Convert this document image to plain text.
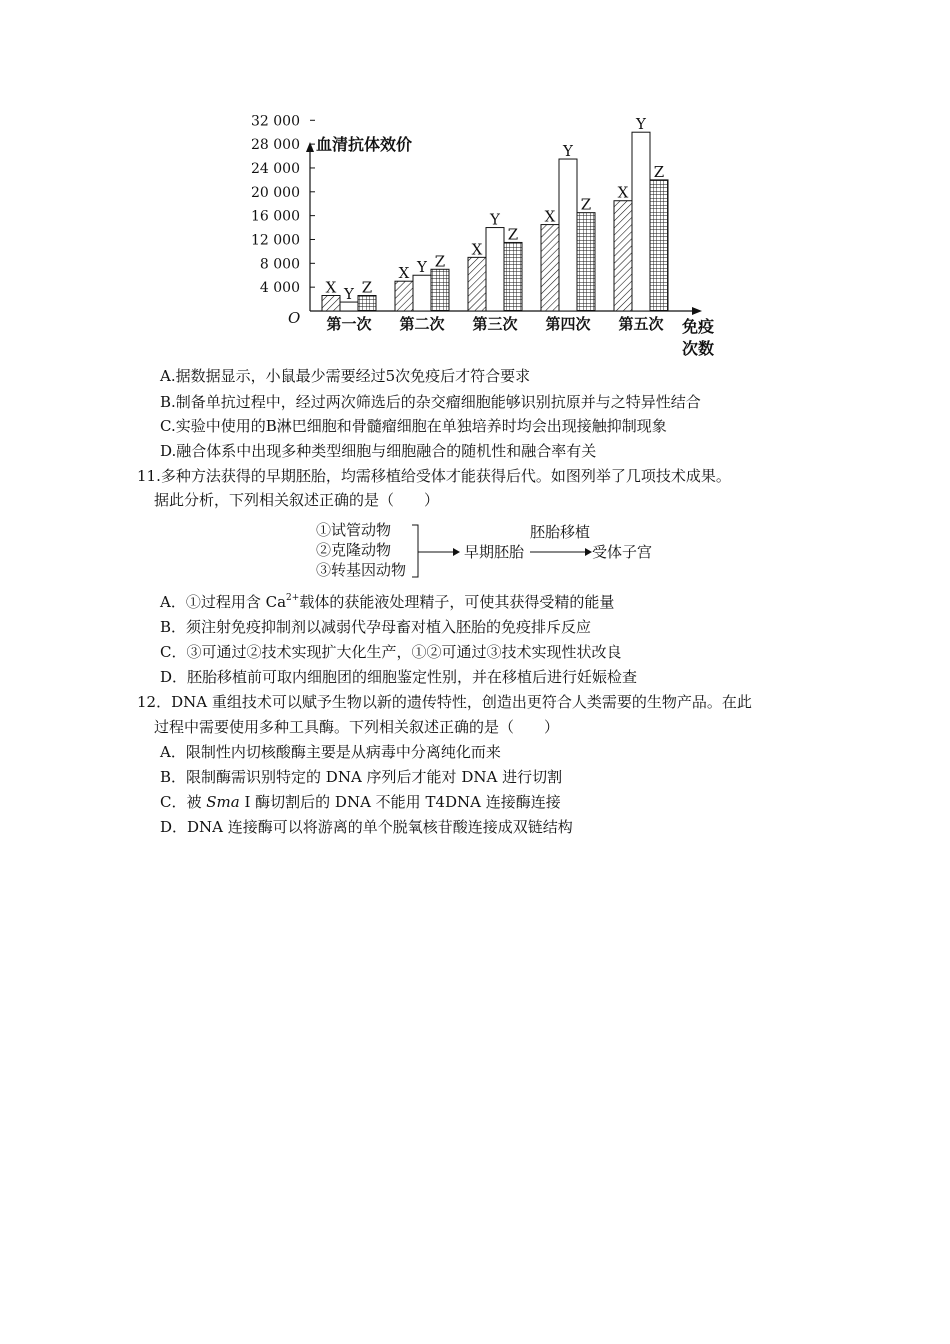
4 000
8 000
12 000
16 000
20 000
24 000
28 000
32 000
X Y Z
第一次
X Y Z
第二次
X
Y
Z
第三次
X
Y
Z
第四次
X
Y
Z
第五次
血清抗体效价
O	免疫
次数
A.据数据显示，小鼠最少需要经过5次免疫后才符合要求
B.制备单抗过程中，经过两次筛选后的杂交瘤细胞能够识别抗原并与之特异性结合
C.实验中使用的B淋巴细胞和骨髓瘤细胞在单独培养时均会出现接触抑制现象
D.融合体系中出现多种类型细胞与细胞融合的随机性和融合率有关
11.多种方法获得的早期胚胎，均需移植给受体才能获得后代。如图列举了几项技术成果。
据此分析，下列相关叙述正确的是（　　）
①试管动物
②克隆动物
③转基因动物
早期胚胎
胚胎移植
受体子宫
A．①过程用含 $Ca^{2+}$载体的获能液处理精子，可使其获得受精的能量
B．须注射免疫抑制剂以减弱代孕母畜对植入胚胎的免疫排斥反应
C．③可通过②技术实现扩大化生产，①②可通过③技术实现性状改良
D．胚胎移植前可取内细胞团的细胞鉴定性别，并在移植后进行妊娠检查
12．DNA 重组技术可以赋予生物以新的遗传特性，创造出更符合人类需要的生物产品。在此
过程中需要使用多种工具酶。下列相关叙述正确的是（　　）
A．限制性内切核酸酶主要是从病毒中分离纯化而来
B．限制酶需识别特定的 DNA 序列后才能对 DNA 进行切割
C．被 Sma Ⅰ 酶切割后的 DNA 不能用 T4DNA 连接酶连接
D．DNA 连接酶可以将游离的单个脱氧核苷酸连接成双链结构
